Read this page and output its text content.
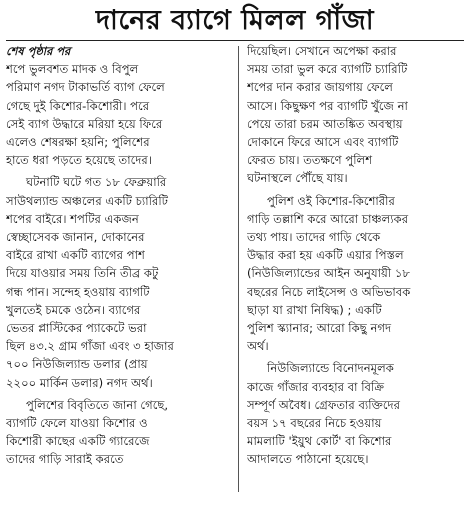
দানের ব্যাগে মিলল গাঁজা
শেষ পৃষ্ঠার পর
শপে ভুলবশত মাদক ও বিপুল
পরিমাণ নগদ টাকাভর্তি ব্যাগ ফেলে
গেছে দুই কিশোর-কিশোরী। পরে
সেই ব্যাগ উদ্ধারে মরিয়া হয়ে ফিরে
এলেও শেষরক্ষা হয়নি; পুলিশের
হাতে ধরা পড়তে হয়েছে তাদের।
ঘটনাটি ঘটে গত ১৮ ফেব্রুয়ারি
সাউথল্যান্ড অঞ্চলের একটি চ্যারিটি
শপের বাইরে। শপটির একজন
স্বেচ্ছাসেবক জানান, দোকানের
বাইরে রাখা একটি ব্যাগের পাশ
দিয়ে যাওয়ার সময় তিনি তীব্র কটু
গন্ধ পান। সন্দেহ হওয়ায় ব্যাগটি
খুলতেই চমকে ওঠেন। ব্যাগের
ভেতর প্লাস্টিকের প্যাকেটে ভরা
ছিল ৪৩.২ গ্রাম গাঁজা এবং ৩ হাজার
৭০০ নিউজিল্যান্ড ডলার (প্রায়
২২০০ মার্কিন ডলার) নগদ অর্থ।
পুলিশের বিবৃতিতে জানা গেছে,
ব্যাগটি ফেলে যাওয়া কিশোর ও
কিশোরী কাছের একটি গ্যারেজে
তাদের গাড়ি সারাই করতে
দিয়েছিল। সেখানে অপেক্ষা করার
সময় তারা ভুল করে ব্যাগটি চ্যারিটি
শপের দান করার জায়গায় ফেলে
আসে। কিছুক্ষণ পর ব্যাগটি খুঁজে না
পেয়ে তারা চরম আতঙ্কিত অবস্থায়
দোকানে ফিরে আসে এবং ব্যাগটি
ফেরত চায়। ততক্ষণে পুলিশ
ঘটনাস্থলে পৌঁছে যায়।
পুলিশ ওই কিশোর-কিশোরীর
গাড়ি তল্লাশি করে আরো চাঞ্চল্যকর
তথ্য পায়। তাদের গাড়ি থেকে
উদ্ধার করা হয় একটি এয়ার পিস্তল
(নিউজিল্যান্ডের আইন অনুযায়ী ১৮
বছরের নিচে লাইসেন্স ও অভিভাবক
ছাড়া যা রাখা নিষিদ্ধ) ; একটি
পুলিশ স্ক্যানার; আরো কিছু নগদ
অর্থ।
নিউজিল্যান্ডে বিনোদনমূলক
কাজে গাঁজার ব্যবহার বা বিক্রি
সম্পূর্ণ অবৈধ। গ্রেফতার ব্যক্তিদের
বয়স ১৭ বছরের নিচে হওয়ায়
মামলাটি 'ইয়ুথ কোর্ট' বা কিশোর
আদালতে পাঠানো হয়েছে।
